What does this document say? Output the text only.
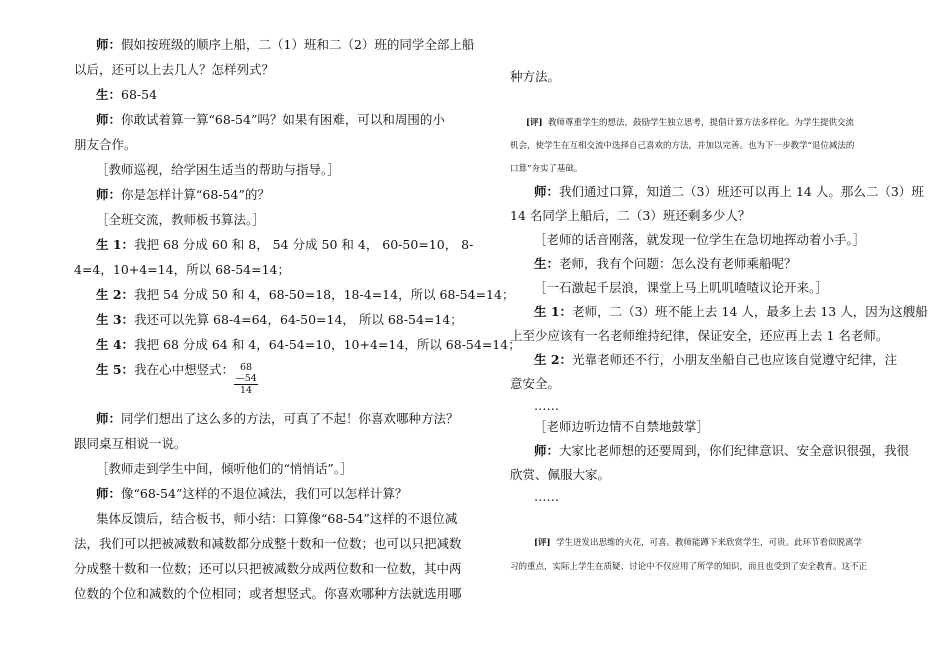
师：假如按班级的顺序上船，二（1）班和二（2）班的同学全部上船
以后，还可以上去几人？怎样列式？
生：68-54
师：你敢试着算一算“68-54”吗？如果有困难，可以和周围的小
朋友合作。
［教师巡视，给学困生适当的帮助与指导。］
师：你是怎样计算“68-54”的？
［全班交流，教师板书算法。］
生 1：我把 68 分成 60 和 8， 54 分成 50 和 4， 60-50=10， 8-
4=4，10+4=14，所以 68-54=14；
生 2：我把 54 分成 50 和 4，68-50=18，18-4=14，所以 68-54=14；
生 3：我还可以先算 68-4=64，64-50=14， 所以 68-54=14；
生 4：我把 68 分成 64 和 4，64-54=10，10+4=14，所以 68-54=14；
生 5：我在心中想竖式： 68
—54
14
师：同学们想出了这么多的方法，可真了不起！你喜欢哪种方法？
跟同桌互相说一说。
［教师走到学生中间，倾听他们的“悄悄话”。］
师：像“68-54”这样的不退位减法，我们可以怎样计算？
集体反馈后，结合板书，师小结：口算像“68-54”这样的不退位减
法，我们可以把被减数和减数都分成整十数和一位数；也可以只把减数
分成整十数和一位数；还可以只把被减数分成两位数和一位数，其中两
位数的个位和减数的个位相同；或者想竖式。你喜欢哪种方法就选用哪
种方法。
[评] 教师尊重学生的想法，鼓励学生独立思考，提倡计算方法多样化。为学生提供交流
机会，使学生在互相交流中选择自己喜欢的方法，并加以完善。也为下一步教学“退位减法的
口算”夯实了基础。
师：我们通过口算，知道二（3）班还可以再上 14 人。那么二（3）班
14 名同学上船后，二（3）班还剩多少人？
［老师的话音刚落，就发现一位学生在急切地挥动着小手。］
生：老师，我有个问题：怎么没有老师乘船呢？
［一石激起千层浪，课堂上马上叽叽喳喳议论开来。］
生 1：老师，二（3）班不能上去 14 人，最多上去 13 人，因为这艘船
上至少应该有一名老师维持纪律，保证安全，还应再上去 1 名老师。
生 2：光靠老师还不行，小朋友坐船自己也应该自觉遵守纪律，注
意安全。
……
［老师边听边情不自禁地鼓掌］
师：大家比老师想的还要周到，你们纪律意识、安全意识很强，我很
欣赏、佩服大家。
……
[评] 学生迸发出思维的火花，可喜。教师能蹲下来欣赏学生，可贵。此环节看似脱离学
习的重点，实际上学生在质疑、讨论中不仅应用了所学的知识，而且也受到了安全教育。这不正
